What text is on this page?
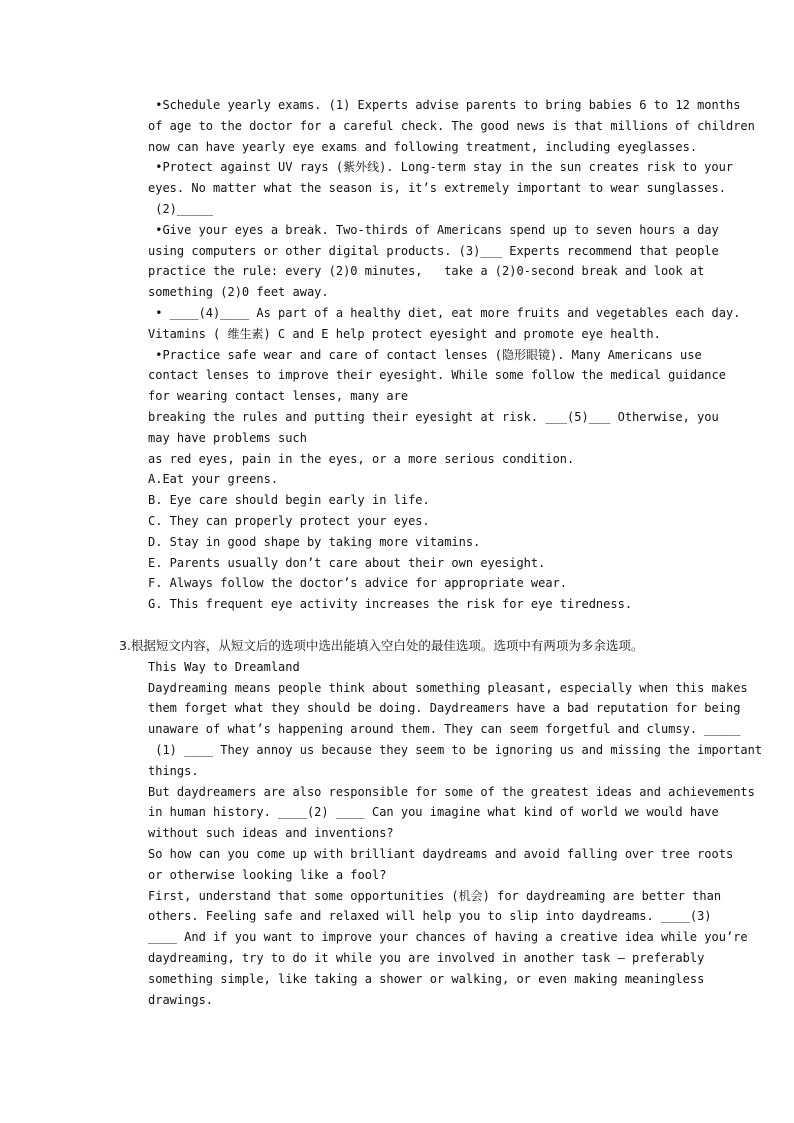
•Schedule yearly exams. (1) Experts advise parents to bring babies 6 to 12 months
of age to the doctor for a careful check. The good news is that millions of children
now can have yearly eye exams and following treatment, including eyeglasses.
•Protect against UV rays (紫外线). Long-term stay in the sun creates risk to your
eyes. No matter what the season is, it’s extremely important to wear sunglasses.
(2)_____
•Give your eyes a break. Two-thirds of Americans spend up to seven hours a day
using computers or other digital products. (3)___ Experts recommend that people
practice the rule: every (2)0 minutes,   take a (2)0-second break and look at
something (2)0 feet away.
• ____(4)____ As part of a healthy diet, eat more fruits and vegetables each day.
Vitamins ( 维生素) C and E help protect eyesight and promote eye health.
•Practice safe wear and care of contact lenses (隐形眼镜). Many Americans use
contact lenses to improve their eyesight. While some follow the medical guidance
for wearing contact lenses, many are
breaking the rules and putting their eyesight at risk. ___(5)___ Otherwise, you
may have problems such
as red eyes, pain in the eyes, or a more serious condition.
A.Eat your greens.
B. Eye care should begin early in life.
C. They can properly protect your eyes.
D. Stay in good shape by taking more vitamins.
E. Parents usually don’t care about their own eyesight.
F. Always follow the doctor’s advice for appropriate wear.
G. This frequent eye activity increases the risk for eye tiredness.
3.根据短文内容，从短文后的选项中选出能填入空白处的最佳选项。选项中有两项为多余选项。
This Way to Dreamland
Daydreaming means people think about something pleasant, especially when this makes
them forget what they should be doing. Daydreamers have a bad reputation for being
unaware of what’s happening around them. They can seem forgetful and clumsy. _____
(1) ____ They annoy us because they seem to be ignoring us and missing the important
things.
But daydreamers are also responsible for some of the greatest ideas and achievements
in human history. ____(2) ____ Can you imagine what kind of world we would have
without such ideas and inventions?
So how can you come up with brilliant daydreams and avoid falling over tree roots
or otherwise looking like a fool?
First, understand that some opportunities (机会) for daydreaming are better than
others. Feeling safe and relaxed will help you to slip into daydreams. ____(3)
____ And if you want to improve your chances of having a creative idea while you’re
daydreaming, try to do it while you are involved in another task — preferably
something simple, like taking a shower or walking, or even making meaningless
drawings.
